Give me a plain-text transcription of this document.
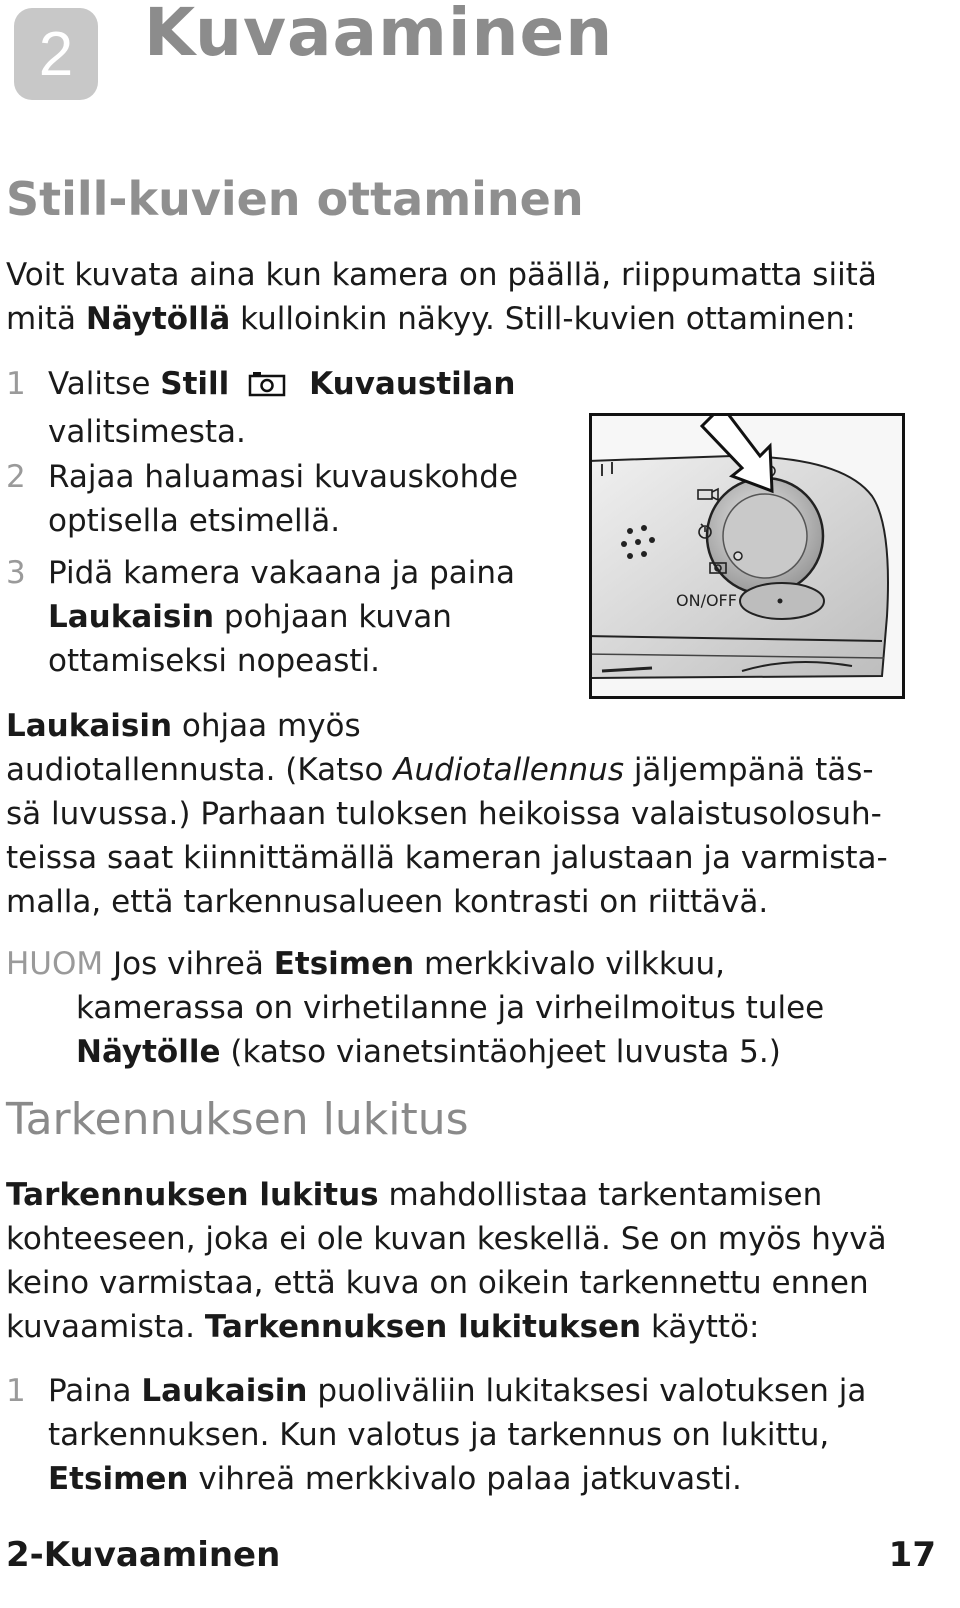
2	Kuvaaminen
Still-kuvien ottaminen
Voit kuvata aina kun kamera on päällä, riippumatta siitä
mitä Näytöllä kulloinkin näkyy. Still-kuvien ottaminen:
1 Valitse Still	Kuvaustilan
valitsimesta.
2 Rajaa haluamasi kuvauskohde
optisella etsimellä.
3 Pidä kamera vakaana ja paina
Laukaisin pohjaan kuvan
ottamiseksi nopeasti.
ON/OFF
Laukaisin ohjaa myös
audiotallennusta. (Katso Audiotallennus jäljempänä täs-
sä luvussa.) Parhaan tuloksen heikoissa valaistusolosuh-
teissa saat kiinnittämällä kameran jalustaan ja varmista-
malla, että tarkennusalueen kontrasti on riittävä.
HUOM Jos vihreä Etsimen merkkivalo vilkkuu,
kamerassa on virhetilanne ja virheilmoitus tulee
Näytölle (katso vianetsintäohjeet luvusta 5.)
Tarkennuksen lukitus
Tarkennuksen lukitus mahdollistaa tarkentamisen
kohteeseen, joka ei ole kuvan keskellä. Se on myös hyvä
keino varmistaa, että kuva on oikein tarkennettu ennen
kuvaamista. Tarkennuksen lukituksen käyttö:
1 Paina Laukaisin puoliväliin lukitaksesi valotuksen ja
tarkennuksen. Kun valotus ja tarkennus on lukittu,
Etsimen vihreä merkkivalo palaa jatkuvasti.
2-Kuvaaminen	17
